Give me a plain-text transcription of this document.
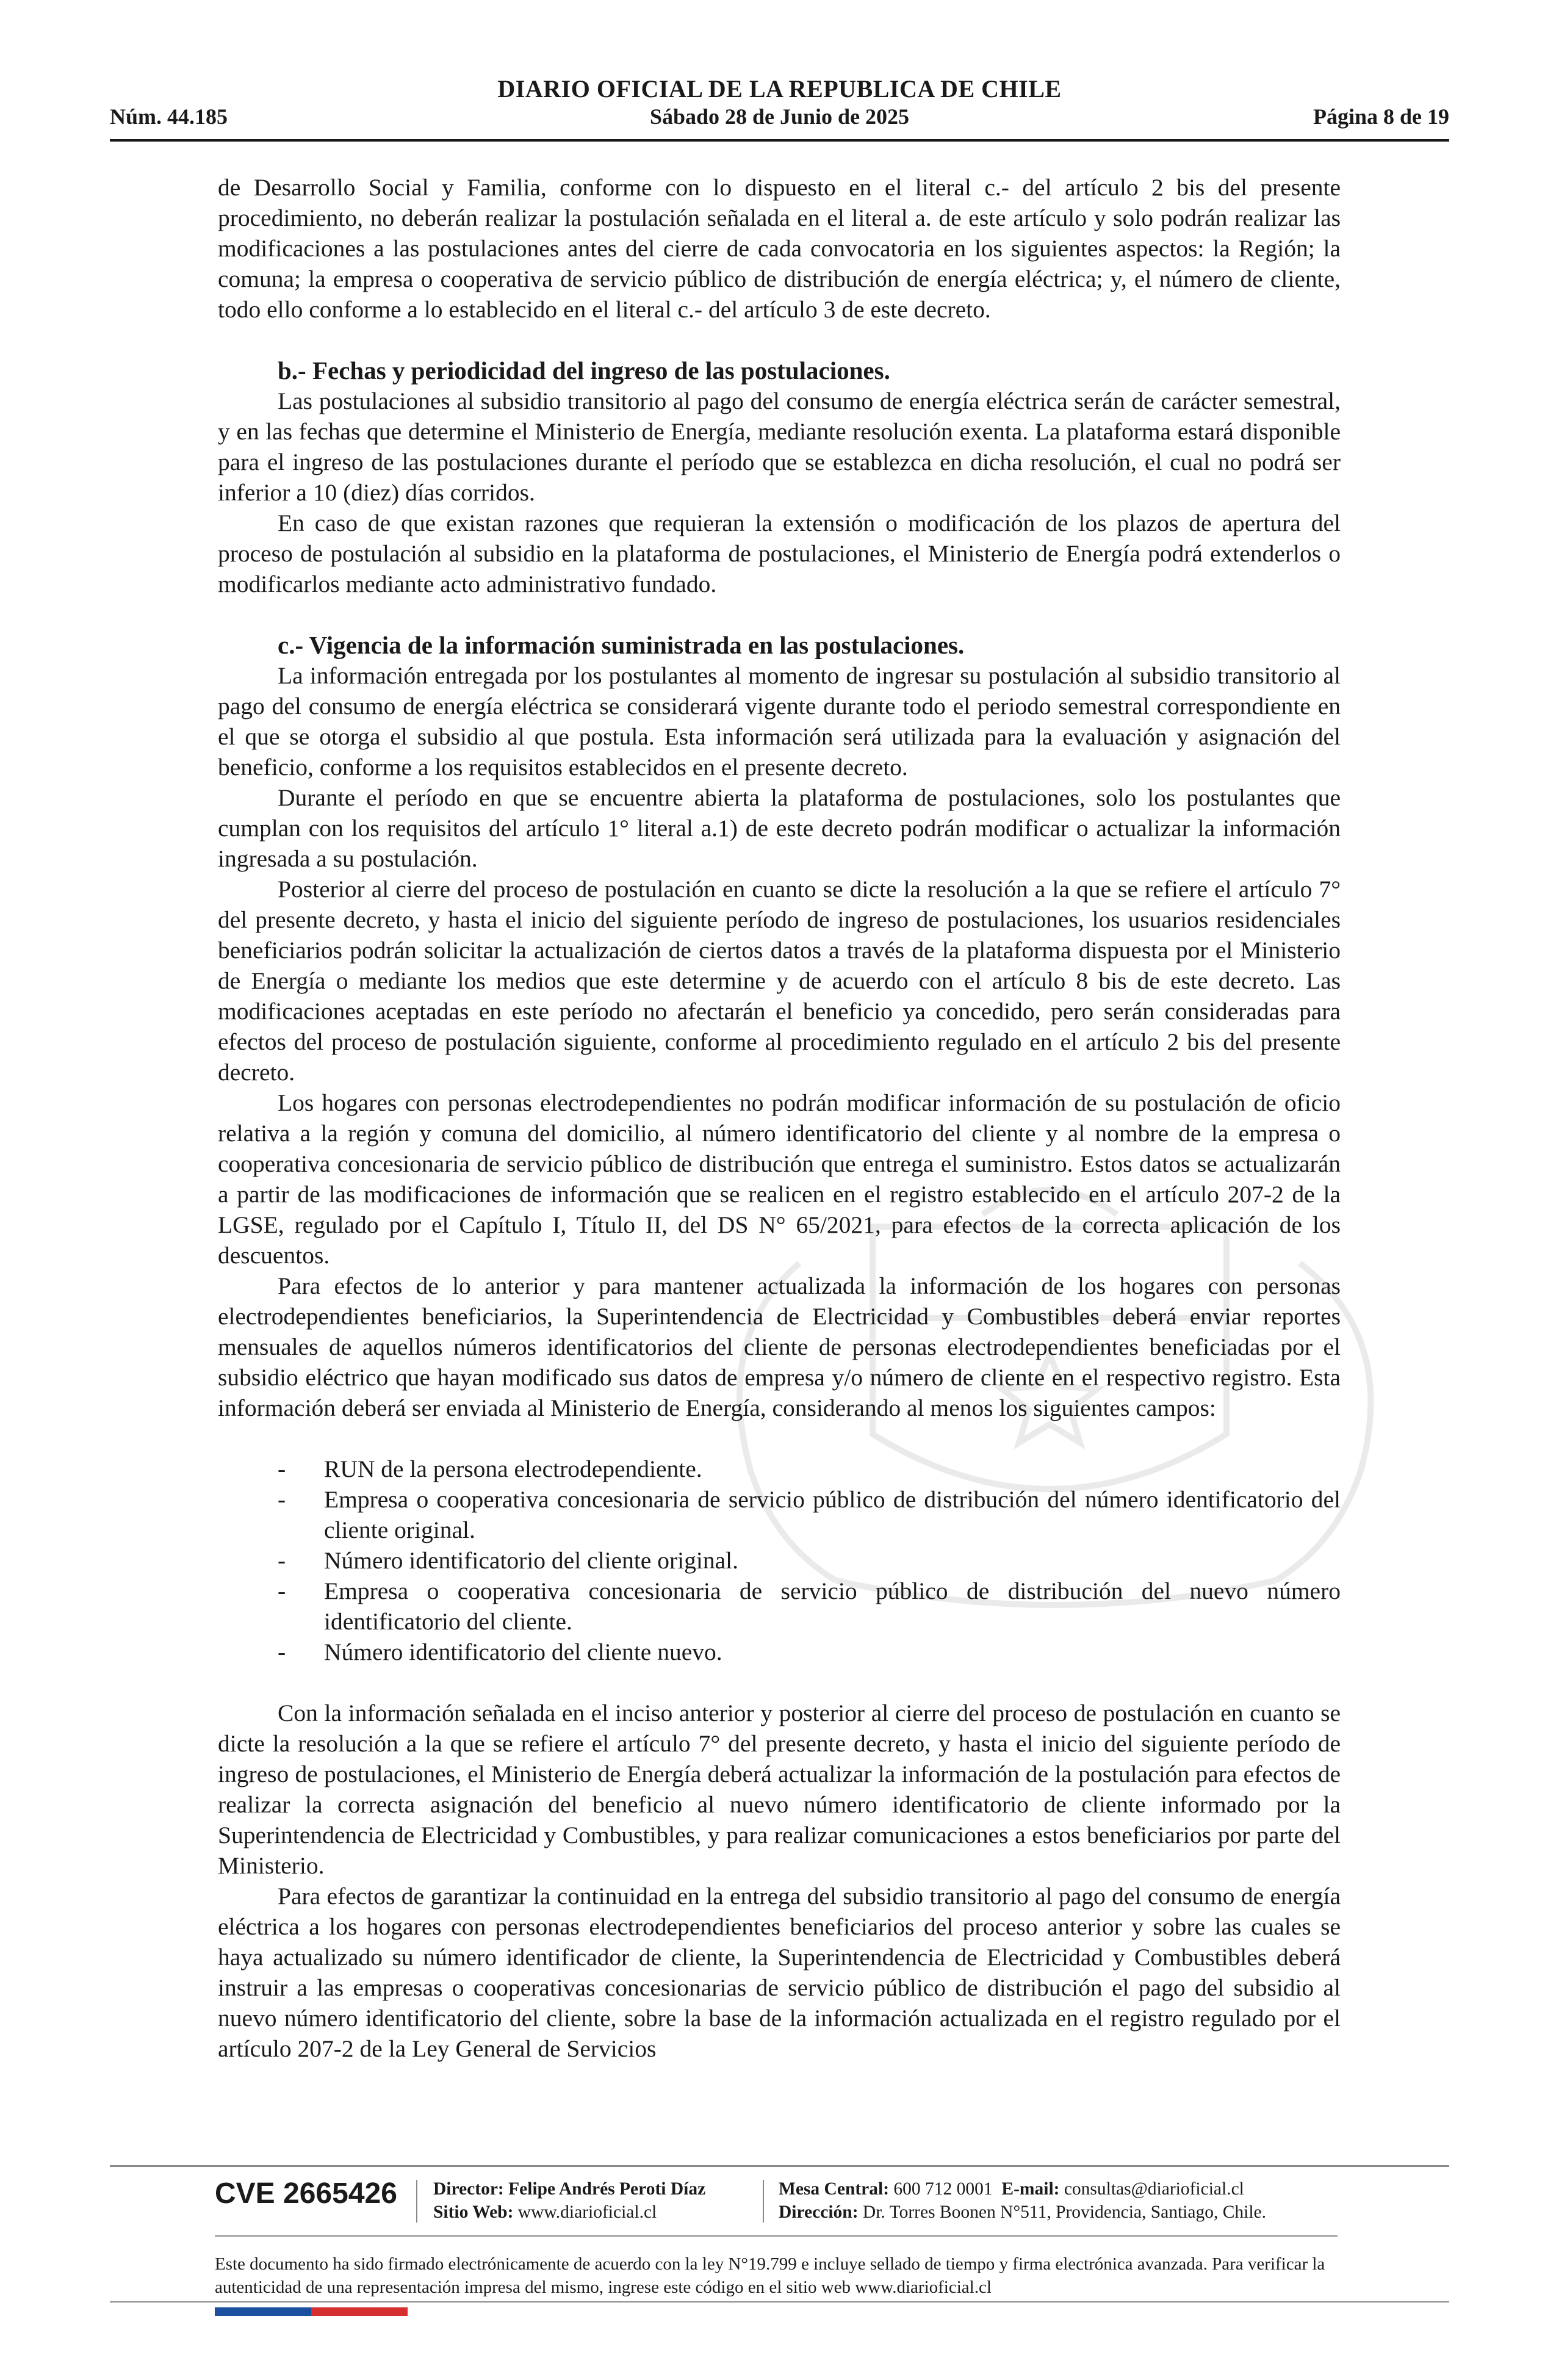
DIARIO OFICIAL DE LA REPUBLICA DE CHILE
Núm. 44.185	Sábado 28 de Junio de 2025	Página 8 de 19

de Desarrollo Social y Familia, conforme con lo dispuesto en el literal c.- del artículo 2 bis del presente procedimiento, no deberán realizar la postulación señalada en el literal a. de este artículo y solo podrán realizar las modificaciones a las postulaciones antes del cierre de cada convocatoria en los siguientes aspectos: la Región; la comuna; la empresa o cooperativa de servicio público de distribución de energía eléctrica; y, el número de cliente, todo ello conforme a lo establecido en el literal c.- del artículo 3 de este decreto.

b.- Fechas y periodicidad del ingreso de las postulaciones.

Las postulaciones al subsidio transitorio al pago del consumo de energía eléctrica serán de carácter semestral, y en las fechas que determine el Ministerio de Energía, mediante resolución exenta. La plataforma estará disponible para el ingreso de las postulaciones durante el período que se establezca en dicha resolución, el cual no podrá ser inferior a 10 (diez) días corridos.

En caso de que existan razones que requieran la extensión o modificación de los plazos de apertura del proceso de postulación al subsidio en la plataforma de postulaciones, el Ministerio de Energía podrá extenderlos o modificarlos mediante acto administrativo fundado.

c.- Vigencia de la información suministrada en las postulaciones.

La información entregada por los postulantes al momento de ingresar su postulación al subsidio transitorio al pago del consumo de energía eléctrica se considerará vigente durante todo el periodo semestral correspondiente en el que se otorga el subsidio al que postula. Esta información será utilizada para la evaluación y asignación del beneficio, conforme a los requisitos establecidos en el presente decreto.

Durante el período en que se encuentre abierta la plataforma de postulaciones, solo los postulantes que cumplan con los requisitos del artículo 1° literal a.1) de este decreto podrán modificar o actualizar la información ingresada a su postulación.

Posterior al cierre del proceso de postulación en cuanto se dicte la resolución a la que se refiere el artículo 7° del presente decreto, y hasta el inicio del siguiente período de ingreso de postulaciones, los usuarios residenciales beneficiarios podrán solicitar la actualización de ciertos datos a través de la plataforma dispuesta por el Ministerio de Energía o mediante los medios que este determine y de acuerdo con el artículo 8 bis de este decreto. Las modificaciones aceptadas en este período no afectarán el beneficio ya concedido, pero serán consideradas para efectos del proceso de postulación siguiente, conforme al procedimiento regulado en el artículo 2 bis del presente decreto.

Los hogares con personas electrodependientes no podrán modificar información de su postulación de oficio relativa a la región y comuna del domicilio, al número identificatorio del cliente y al nombre de la empresa o cooperativa concesionaria de servicio público de distribución que entrega el suministro. Estos datos se actualizarán a partir de las modificaciones de información que se realicen en el registro establecido en el artículo 207-2 de la LGSE, regulado por el Capítulo I, Título II, del DS N° 65/2021, para efectos de la correcta aplicación de los descuentos.

Para efectos de lo anterior y para mantener actualizada la información de los hogares con personas electrodependientes beneficiarios, la Superintendencia de Electricidad y Combustibles deberá enviar reportes mensuales de aquellos números identificatorios del cliente de personas electrodependientes beneficiadas por el subsidio eléctrico que hayan modificado sus datos de empresa y/o número de cliente en el respectivo registro. Esta información deberá ser enviada al Ministerio de Energía, considerando al menos los siguientes campos:

- RUN de la persona electrodependiente.
- Empresa o cooperativa concesionaria de servicio público de distribución del número identificatorio del cliente original.
- Número identificatorio del cliente original.
- Empresa o cooperativa concesionaria de servicio público de distribución del nuevo número identificatorio del cliente.
- Número identificatorio del cliente nuevo.

Con la información señalada en el inciso anterior y posterior al cierre del proceso de postulación en cuanto se dicte la resolución a la que se refiere el artículo 7° del presente decreto, y hasta el inicio del siguiente período de ingreso de postulaciones, el Ministerio de Energía deberá actualizar la información de la postulación para efectos de realizar la correcta asignación del beneficio al nuevo número identificatorio de cliente informado por la Superintendencia de Electricidad y Combustibles, y para realizar comunicaciones a estos beneficiarios por parte del Ministerio.

Para efectos de garantizar la continuidad en la entrega del subsidio transitorio al pago del consumo de energía eléctrica a los hogares con personas electrodependientes beneficiarios del proceso anterior y sobre las cuales se haya actualizado su número identificador de cliente, la Superintendencia de Electricidad y Combustibles deberá instruir a las empresas o cooperativas concesionarias de servicio público de distribución el pago del subsidio al nuevo número identificatorio del cliente, sobre la base de la información actualizada en el registro regulado por el artículo 207-2 de la Ley General de Servicios

CVE 2665426 Director: Felipe Andrés Peroti Díaz
Sitio Web: www.diarioficial.cl
Mesa Central: 600 712 0001 E-mail: consultas@diarioficial.cl
Dirección: Dr. Torres Boonen N°511, Providencia, Santiago, Chile.
Este documento ha sido firmado electrónicamente de acuerdo con la ley N°19.799 e incluye sellado de tiempo y firma electrónica avanzada. Para verificar la autenticidad de una representación impresa del mismo, ingrese este código en el sitio web www.diarioficial.cl
